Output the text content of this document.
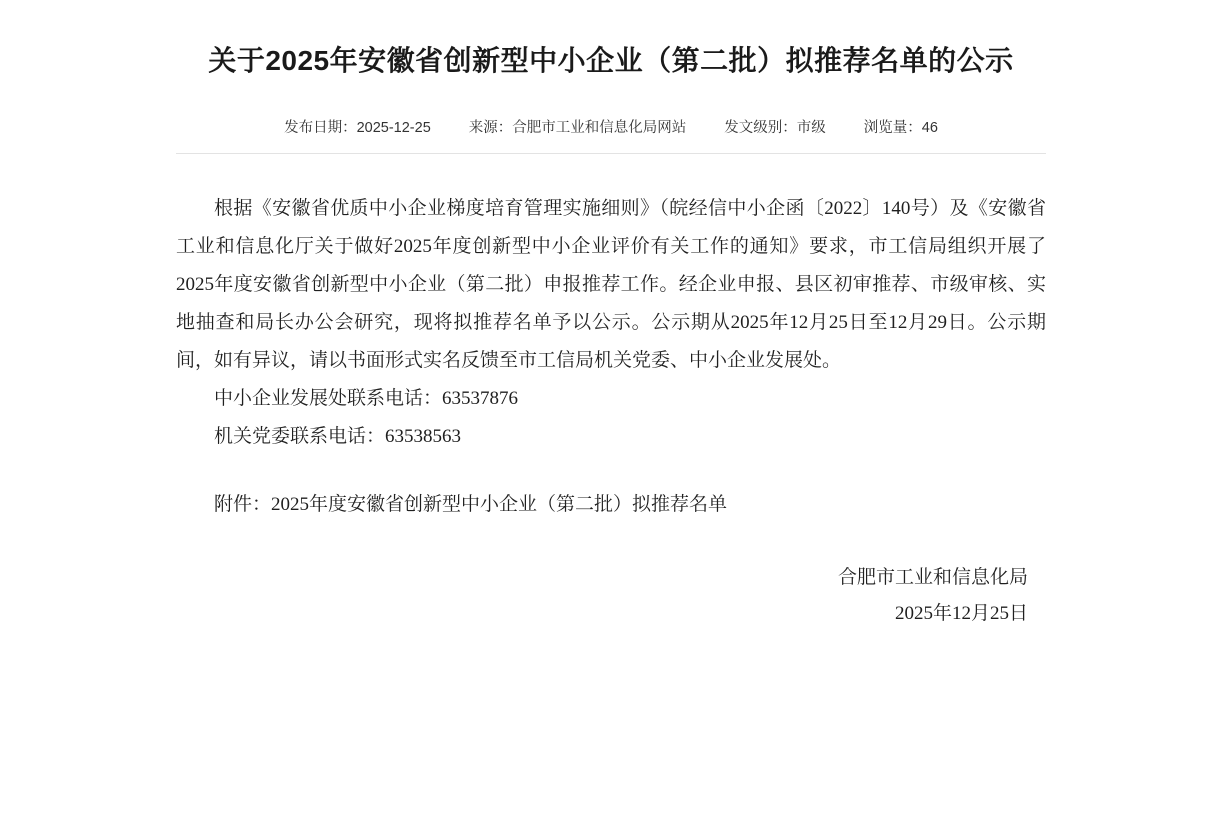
关于2025年安徽省创新型中小企业（第二批）拟推荐名单的公示
发布日期：2025-12-25	来源：合肥市工业和信息化局网站	发文级别：市级	浏览量：46

根据《安徽省优质中小企业梯度培育管理实施细则》（皖经信中小企函〔2022〕140号）及《安徽省工业和信息化厅关于做好2025年度创新型中小企业评价有关工作的通知》要求，市工信局组织开展了2025年度安徽省创新型中小企业（第二批）申报推荐工作。经企业申报、县区初审推荐、市级审核、实地抽查和局长办公会研究，现将拟推荐名单予以公示。公示期从2025年12月25日至12月29日。公示期间，如有异议，请以书面形式实名反馈至市工信局机关党委、中小企业发展处。

中小企业发展处联系电话：63537876

机关党委联系电话：63538563

附件：2025年度安徽省创新型中小企业（第二批）拟推荐名单
合肥市工业和信息化局
2025年12月25日
